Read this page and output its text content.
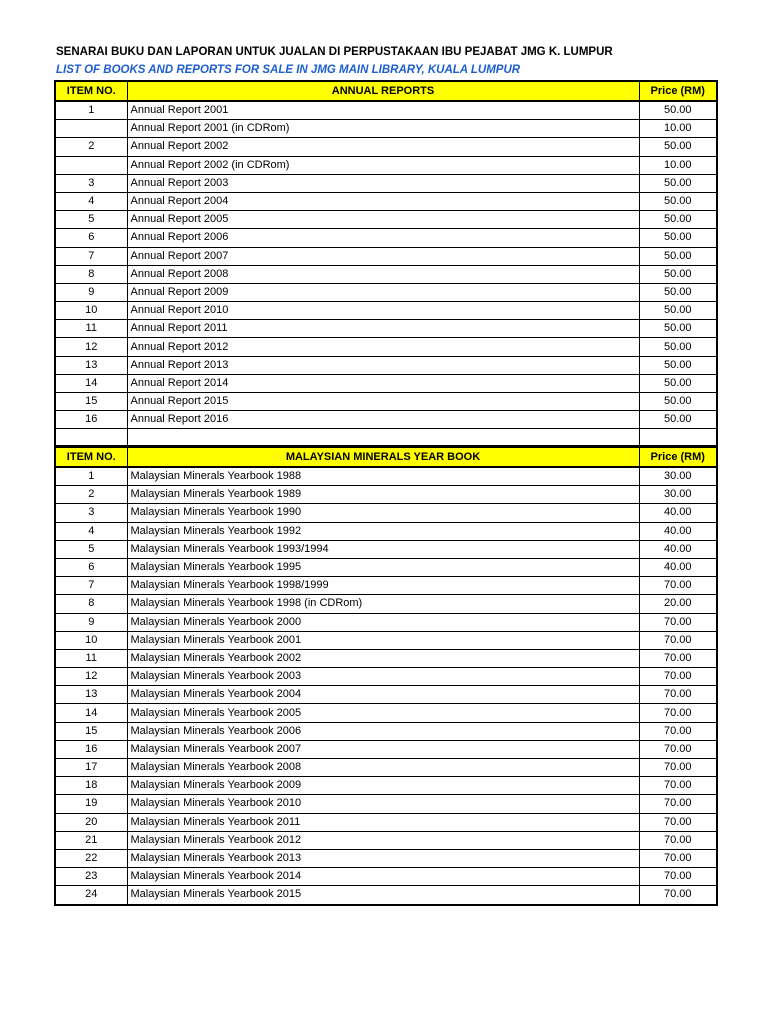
SENARAI BUKU DAN LAPORAN UNTUK JUALAN DI PERPUSTAKAAN IBU PEJABAT JMG K. LUMPUR
LIST OF BOOKS AND REPORTS FOR SALE IN JMG MAIN LIBRARY, KUALA LUMPUR
ITEM NO.	ANNUAL REPORTS	Price (RM)
1	Annual Report 2001	50.00
	Annual Report 2001 (in CDRom)	10.00
2	Annual Report 2002	50.00
	Annual Report 2002 (in CDRom)	10.00
3	Annual Report 2003	50.00
4	Annual Report 2004	50.00
5	Annual Report 2005	50.00
6	Annual Report 2006	50.00
7	Annual Report 2007	50.00
8	Annual Report 2008	50.00
9	Annual Report 2009	50.00
10	Annual Report 2010	50.00
11	Annual Report 2011	50.00
12	Annual Report 2012	50.00
13	Annual Report 2013	50.00
14	Annual Report 2014	50.00
15	Annual Report 2015	50.00
16	Annual Report 2016	50.00

ITEM NO.	MALAYSIAN MINERALS YEAR BOOK	Price (RM)
1	Malaysian Minerals Yearbook 1988	30.00
2	Malaysian Minerals Yearbook 1989	30.00
3	Malaysian Minerals Yearbook 1990	40.00
4	Malaysian Minerals Yearbook 1992	40.00
5	Malaysian Minerals Yearbook 1993/1994	40.00
6	Malaysian Minerals Yearbook 1995	40.00
7	Malaysian Minerals Yearbook 1998/1999	70.00
8	Malaysian Minerals Yearbook 1998 (in CDRom)	20.00
9	Malaysian Minerals Yearbook 2000	70.00
10	Malaysian Minerals Yearbook 2001	70.00
11	Malaysian Minerals Yearbook 2002	70.00
12	Malaysian Minerals Yearbook 2003	70.00
13	Malaysian Minerals Yearbook 2004	70.00
14	Malaysian Minerals Yearbook 2005	70.00
15	Malaysian Minerals Yearbook 2006	70.00
16	Malaysian Minerals Yearbook 2007	70.00
17	Malaysian Minerals Yearbook 2008	70.00
18	Malaysian Minerals Yearbook 2009	70.00
19	Malaysian Minerals Yearbook 2010	70.00
20	Malaysian Minerals Yearbook 2011	70.00
21	Malaysian Minerals Yearbook 2012	70.00
22	Malaysian Minerals Yearbook 2013	70.00
23	Malaysian Minerals Yearbook 2014	70.00
24	Malaysian Minerals Yearbook 2015	70.00
